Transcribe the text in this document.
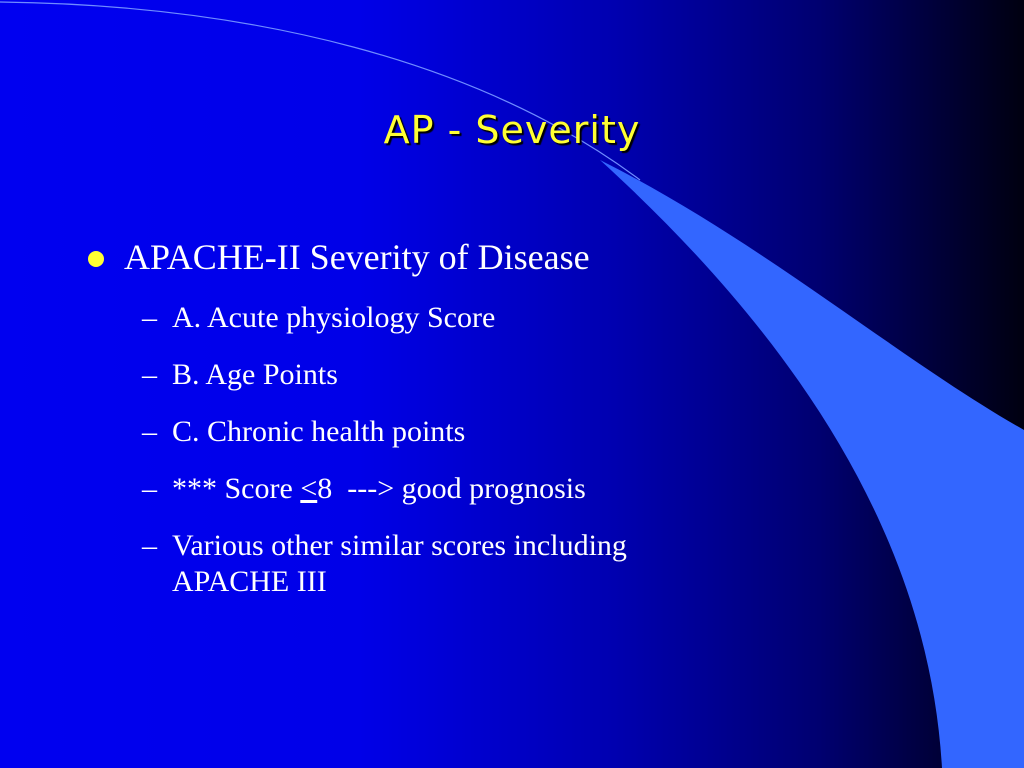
AP - Severity
APACHE-II Severity of Disease
– A. Acute physiology Score
– B. Age Points
– C. Chronic health points
– *** Score ≤8  ---> good prognosis
– Various other similar scores including
APACHE III
